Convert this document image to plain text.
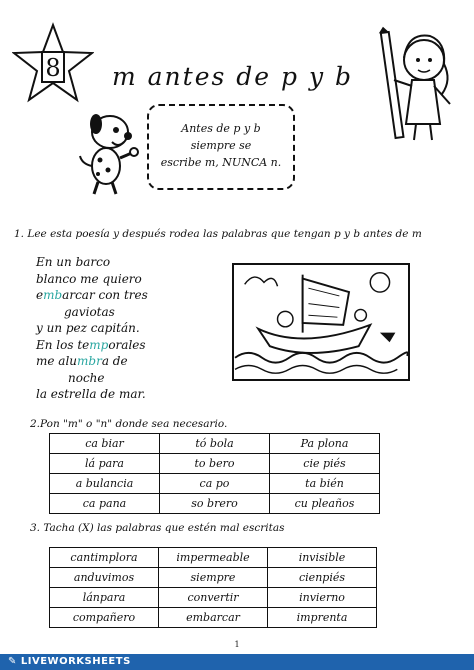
8 m antes de p y b
Antes de p y b
siempre se
escribe m, NUNCA n.
1. Lee esta poesía y después rodea las palabras que tengan p y b antes de m
En un barco
blanco me quiero
embarcar con tres
gaviotas
y un pez capitán.
En los temporales
me alumbra de
noche
la estrella de mar.
2.Pon "m" o "n" donde sea necesario.
ca biar	tó bola	Pa plona
lá para	to bero	cie piés
a bulancia	ca po	ta bién
ca pana	so brero	cu pleaños
3. Tacha (X) las palabras que estén mal escritas
cantimplora	impermeable	invisible
anduvimos	siempre	cienpiés
lánpara	convertir	invierno
compañero	embarcar	imprenta
1
✎ LIVEWORKSHEETS
